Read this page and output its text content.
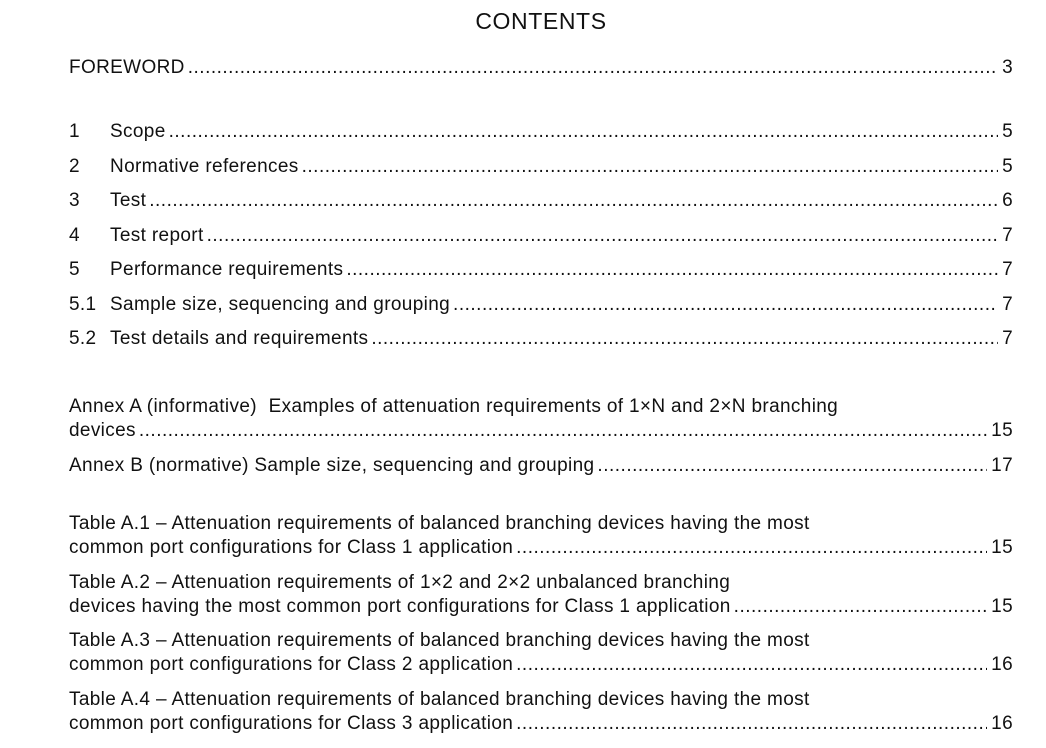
CONTENTS
FOREWORD .....	3
1	Scope .....	5
2	Normative references .....	5
3	Test .....	6
4	Test report .....	7
5	Performance requirements .....	7
5.1 Sample size, sequencing and grouping .....	7
5.2 Test details and requirements .....	7
Annex A (informative) Examples of attenuation requirements of 1×N and 2×N branching
devices .....	15
Annex B (normative) Sample size, sequencing and grouping .....	17
Table A.1 – Attenuation requirements of balanced branching devices having the most
common port configurations for Class 1 application .....	15
Table A.2 – Attenuation requirements of 1×2 and 2×2 unbalanced branching
devices having the most common port configurations for Class 1 application .....	15
Table A.3 – Attenuation requirements of balanced branching devices having the most
common port configurations for Class 2 application .....	16
Table A.4 – Attenuation requirements of balanced branching devices having the most
common port configurations for Class 3 application .....	16
